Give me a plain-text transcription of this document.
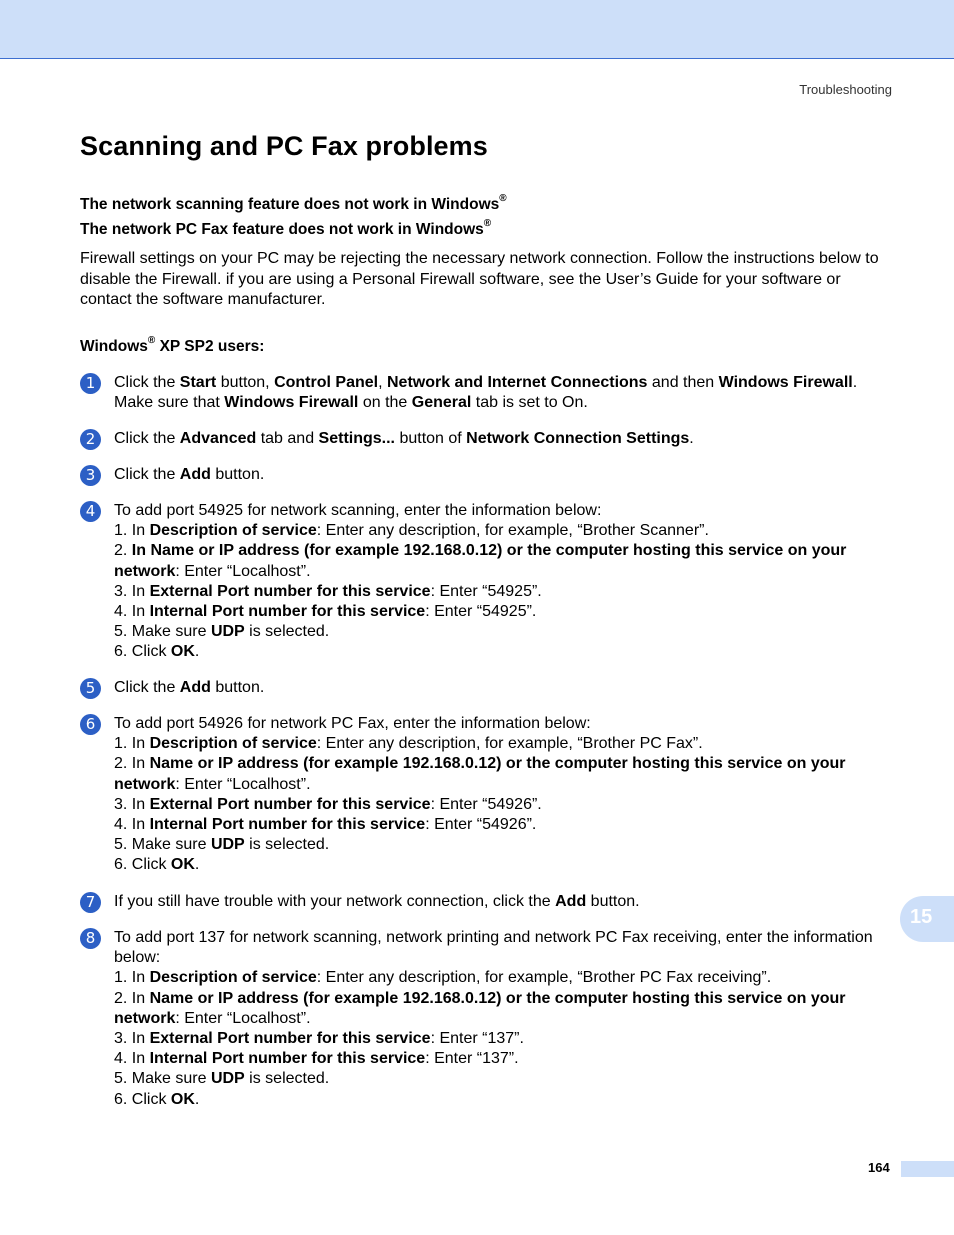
Troubleshooting
Scanning and PC Fax problems

The network scanning feature does not work in Windows®

The network PC Fax feature does not work in Windows®

Firewall settings on your PC may be rejecting the necessary network connection. Follow the instructions below to disable the Firewall. if you are using a Personal Firewall software, see the User’s Guide for your software or contact the software manufacturer.

Windows® XP SP2 users:

1	Click the Start button, Control Panel, Network and Internet Connections and then Windows Firewall. Make sure that Windows Firewall on the General tab is set to On.

2	Click the Advanced tab and Settings... button of Network Connection Settings.

3	Click the Add button.

4	To add port 54925 for network scanning, enter the information below:

1. In Description of service: Enter any description, for example, “Brother Scanner”.

2. In Name or IP address (for example 192.168.0.12) or the computer hosting this service on your network: Enter “Localhost”.

3. In External Port number for this service: Enter “54925”.

4. In Internal Port number for this service: Enter “54925”.

5. Make sure UDP is selected.

6. Click OK.

5	Click the Add button.

6	To add port 54926 for network PC Fax, enter the information below:

1. In Description of service: Enter any description, for example, “Brother PC Fax”.

2. In Name or IP address (for example 192.168.0.12) or the computer hosting this service on your network: Enter “Localhost”.

3. In External Port number for this service: Enter “54926”.

4. In Internal Port number for this service: Enter “54926”.

5. Make sure UDP is selected.

6. Click OK.

7	If you still have trouble with your network connection, click the Add button.

8	To add port 137 for network scanning, network printing and network PC Fax receiving, enter the information below:

1. In Description of service: Enter any description, for example, “Brother PC Fax receiving”.

2. In Name or IP address (for example 192.168.0.12) or the computer hosting this service on your network: Enter “Localhost”.

3. In External Port number for this service: Enter “137”.

4. In Internal Port number for this service: Enter “137”.

5. Make sure UDP is selected.

6. Click OK.

15
164
